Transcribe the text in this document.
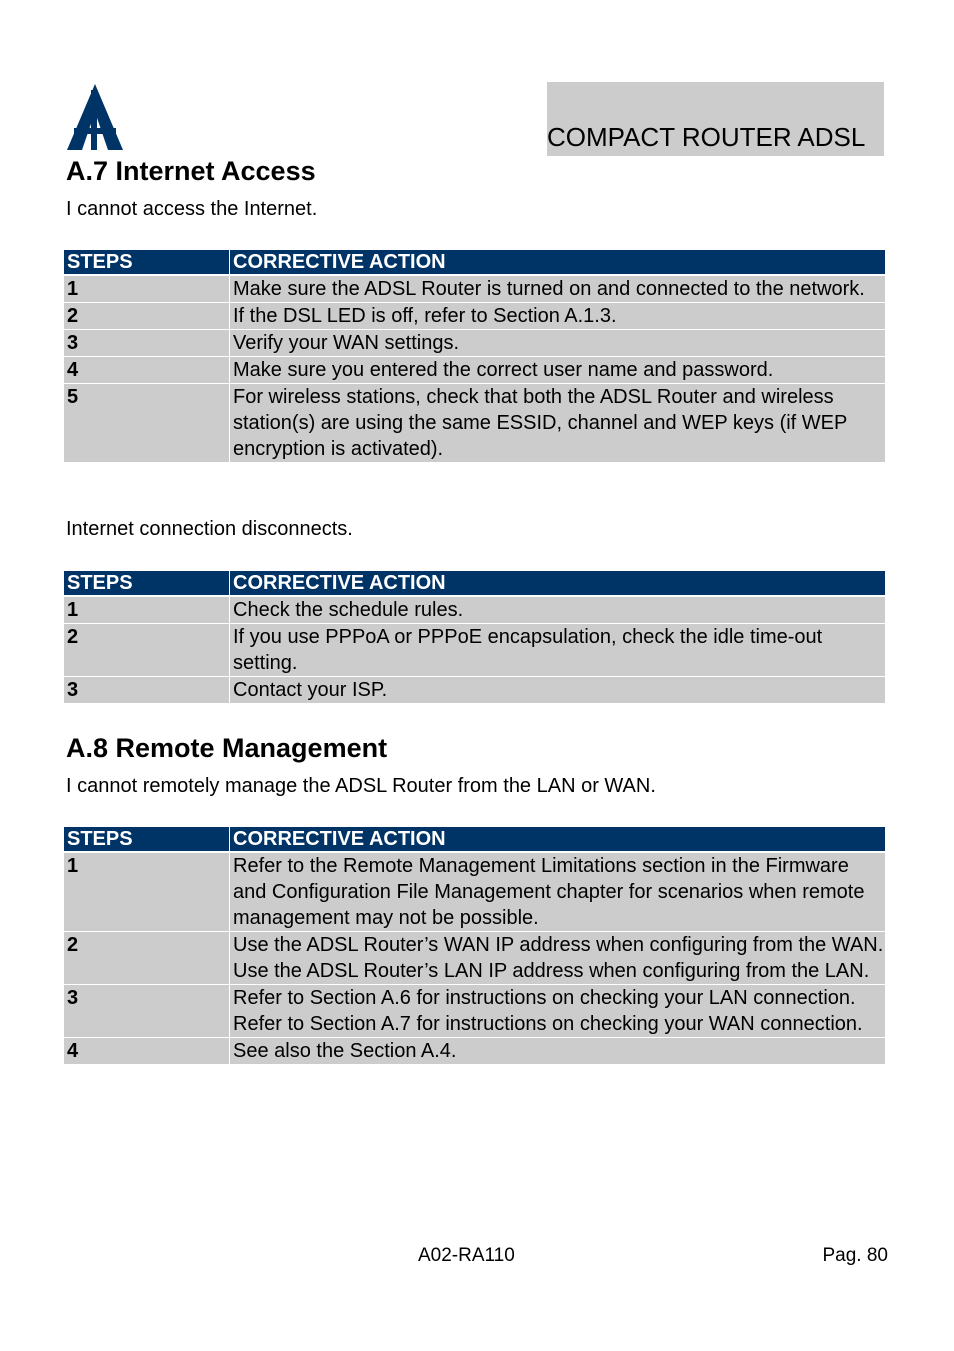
COMPACT ROUTER ADSL
A.7 Internet Access
I cannot access the Internet.
STEPS	CORRECTIVE ACTION
1	Make sure the ADSL Router is turned on and connected to the network.
2	If the DSL LED is off, refer to Section A.1.3.
3	Verify your WAN settings.
4	Make sure you entered the correct user name and password.
5	For wireless stations, check that both the ADSL Router and wireless station(s) are using the same ESSID, channel and WEP keys (if WEP encryption is activated).
Internet connection disconnects.
STEPS	CORRECTIVE ACTION
1	Check the schedule rules.
2	If you use PPPoA or PPPoE encapsulation, check the idle time-out setting.
3	Contact your ISP.
A.8 Remote Management
I cannot remotely manage the ADSL Router from the LAN or WAN.
STEPS	CORRECTIVE ACTION
1	Refer to the Remote Management Limitations section in the Firmware and Configuration File Management chapter for scenarios when remote management may not be possible.
2	Use the ADSL Router’s WAN IP address when configuring from the WAN.
Use the ADSL Router’s LAN IP address when configuring from the LAN.

3	Refer to Section A.6 for instructions on checking your LAN connection.
Refer to Section A.7 for instructions on checking your WAN connection.

4	See also the Section A.4.
A02-RA110	Pag. 80
